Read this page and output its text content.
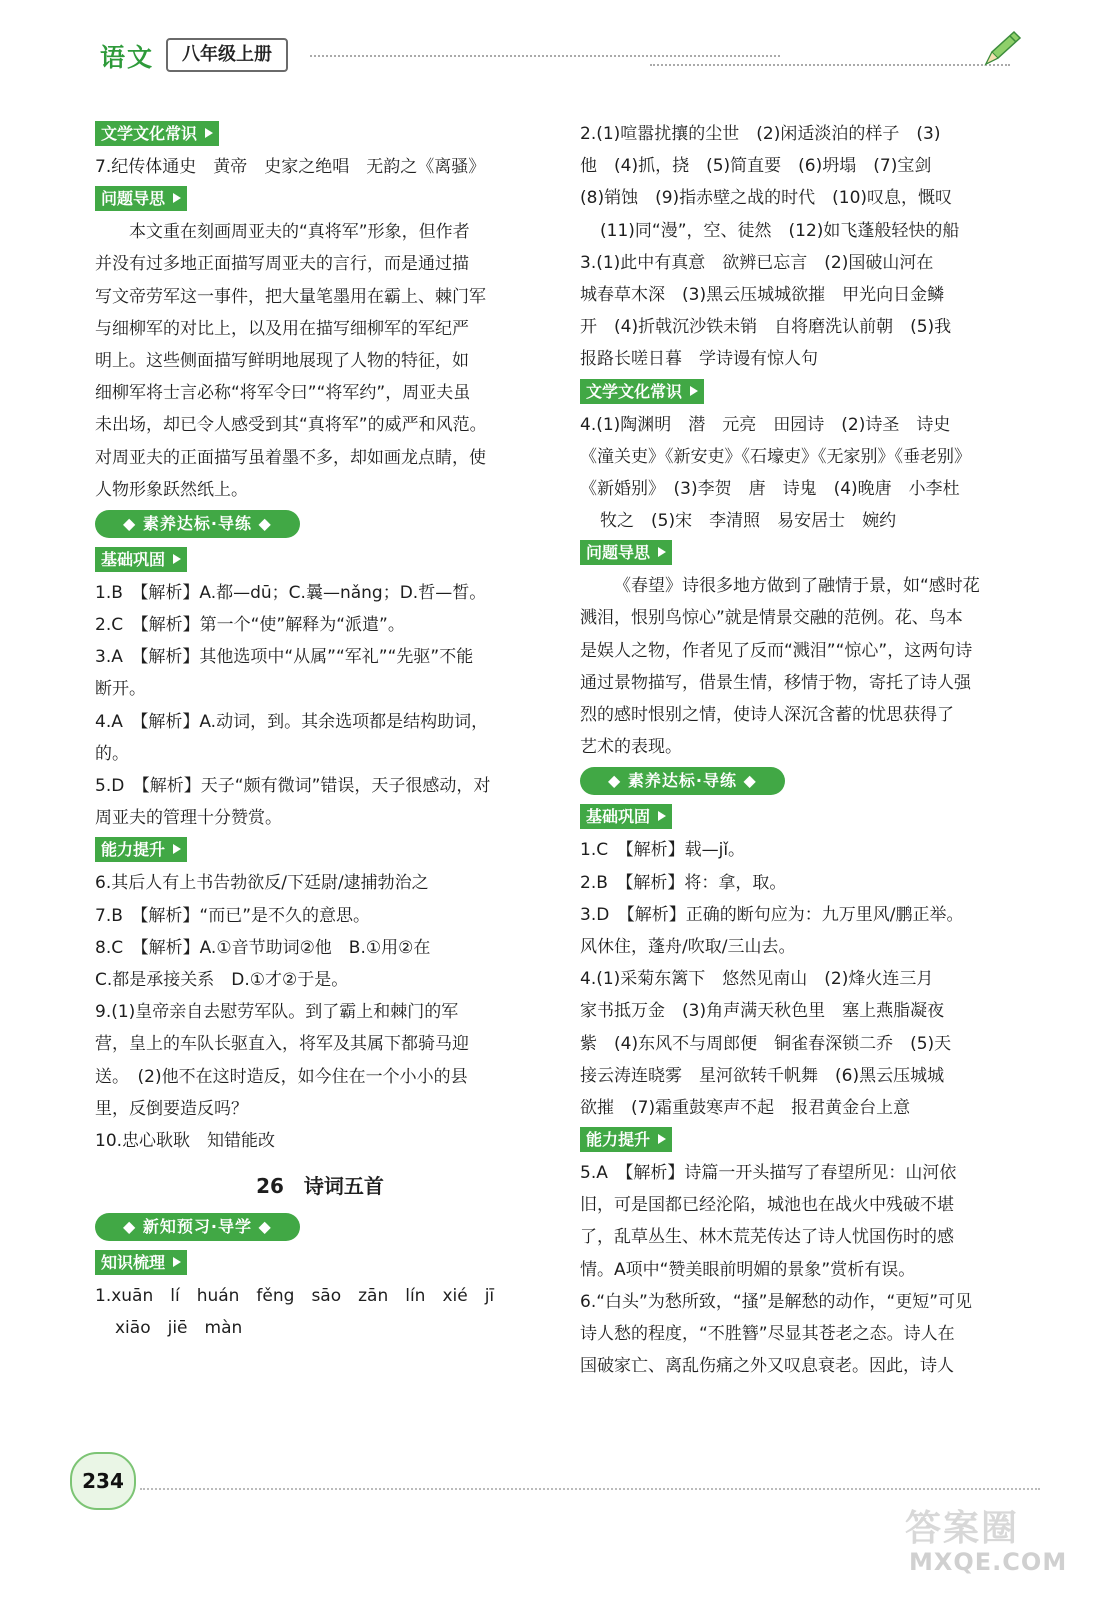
语文	八年级上册
文学文化常识
7.纪传体通史　黄帝　史家之绝唱　无韵之《离骚》
问题导思
本文重在刻画周亚夫的“真将军”形象，但作者
并没有过多地正面描写周亚夫的言行，而是通过描
写文帝劳军这一事件，把大量笔墨用在霸上、棘门军
与细柳军的对比上，以及用在描写细柳军的军纪严
明上。这些侧面描写鲜明地展现了人物的特征，如
细柳军将士言必称“将军令曰”“将军约”，周亚夫虽
未出场，却已令人感受到其“真将军”的威严和风范。
对周亚夫的正面描写虽着墨不多，却如画龙点睛，使
人物形象跃然纸上。
◆ 素养达标·导练 ◆
基础巩固
1.B　【解析】A.都—dū；C.曩—nǎng；D.哲—晳。
2.C　【解析】第一个“使”解释为“派遣”。
3.A　【解析】其他选项中“从属”“军礼”“先驱”不能
断开。
4.A　【解析】A.动词，到。其余选项都是结构助词，
的。
5.D　【解析】天子“颇有微词”错误，天子很感动，对
周亚夫的管理十分赞赏。
能力提升
6.其后人有上书告勃欲反/下廷尉/逮捕勃治之
7.B　【解析】“而已”是不久的意思。
8.C　【解析】A.①音节助词②他　B.①用②在
C.都是承接关系　D.①才②于是。
9.(1)皇帝亲自去慰劳军队。到了霸上和棘门的军
营，皇上的车队长驱直入，将军及其属下都骑马迎
送。　(2)他不在这时造反，如今住在一个小小的县
里，反倒要造反吗？
10.忠心耿耿　知错能改
26　诗词五首
◆ 新知预习·导学 ◆
知识梳理
1.xuān　lí　huán　fěng　sāo　zān　lín　xié　jī
xiāo　jiē　màn
2.(1)喧嚣扰攘的尘世　(2)闲适淡泊的样子　(3)
他　(4)抓，挠　(5)简直要　(6)坍塌　(7)宝剑
(8)销蚀　(9)指赤壁之战的时代　(10)叹息，慨叹
(11)同“漫”，空、徒然　(12)如飞蓬般轻快的船
3.(1)此中有真意　欲辨已忘言　(2)国破山河在
城春草木深　(3)黑云压城城欲摧　甲光向日金鳞
开　(4)折戟沉沙铁未销　自将磨洗认前朝　(5)我
报路长嗟日暮　学诗谩有惊人句
文学文化常识
4.(1)陶渊明　潜　元亮　田园诗　(2)诗圣　诗史
《潼关吏》《新安吏》《石壕吏》《无家别》《垂老别》
《新婚别》　(3)李贺　唐　诗鬼　(4)晚唐　小李杜
牧之　(5)宋　李清照　易安居士　婉约
问题导思
《春望》诗很多地方做到了融情于景，如“感时花
溅泪，恨别鸟惊心”就是情景交融的范例。花、鸟本
是娱人之物，作者见了反而“溅泪”“惊心”，这两句诗
通过景物描写，借景生情，移情于物，寄托了诗人强
烈的感时恨别之情，使诗人深沉含蓄的忧思获得了
艺术的表现。
◆ 素养达标·导练 ◆
基础巩固
1.C　【解析】载—jǐ。
2.B　【解析】将：拿，取。
3.D　【解析】正确的断句应为：九万里风/鹏正举。
风休住，蓬舟/吹取/三山去。
4.(1)采菊东篱下　悠然见南山　(2)烽火连三月
家书抵万金　(3)角声满天秋色里　塞上燕脂凝夜
紫　(4)东风不与周郎便　铜雀春深锁二乔　(5)天
接云涛连晓雾　星河欲转千帆舞　(6)黑云压城城
欲摧　(7)霜重鼓寒声不起　报君黄金台上意
能力提升
5.A　【解析】诗篇一开头描写了春望所见：山河依
旧，可是国都已经沦陷，城池也在战火中残破不堪
了，乱草丛生、林木荒芜传达了诗人忧国伤时的感
情。A项中“赞美眼前明媚的景象”赏析有误。
6.“白头”为愁所致，“搔”是解愁的动作，“更短”可见
诗人愁的程度，“不胜簪”尽显其苍老之态。诗人在
国破家亡、离乱伤痛之外又叹息衰老。因此，诗人
234
答案圈
MXQE.COM
